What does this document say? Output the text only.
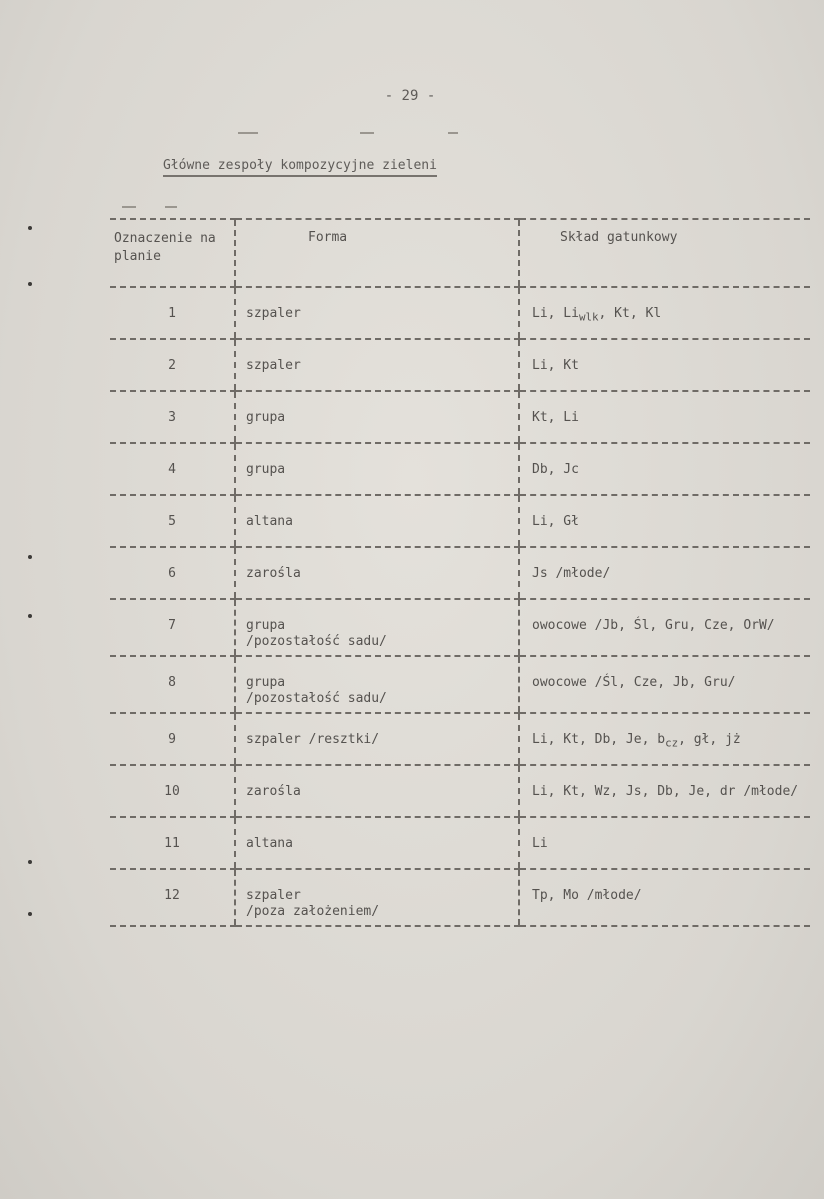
- 29 -
Główne zespoły kompozycyjne zieleni
Oznaczenie na planie	Forma	Skład gatunkowy
1	szpaler	Li, $Li_{wlk}$, Kt, Kl
2	szpaler	Li, Kt
3	grupa	Kt, Li
4	grupa	Db, Jc
5	altana	Li, Gł
6	zarośla	Js /młode/
7	grupa
/pozostałość sadu/	owocowe /Jb, Śl, Gru, Cze, OrW/
8	grupa
/pozostałość sadu/	owocowe /Śl, Cze, Jb, Gru/
9	szpaler /resztki/	Li, Kt, Db, Je, $b_{cz}$, gł, jż
10	zarośla	Li, Kt, Wz, Js, Db, Je, dr /młode/
11	altana	Li
12	szpaler
/poza założeniem/	Tp, Mo /młode/
